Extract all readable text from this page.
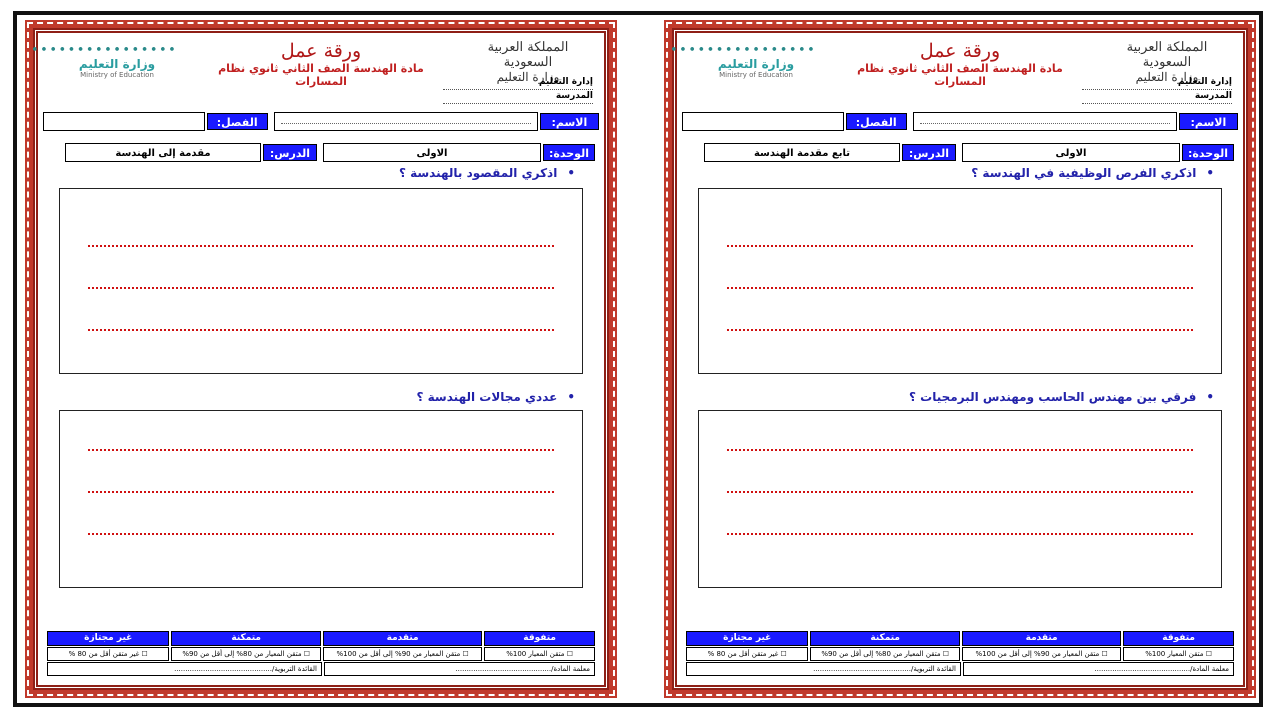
المملكة العربية السعودية
وزارة التعليم
إدارة التعليم
المدرسة
ورقة عمل
مادة الهندسة الصف الثاني ثانوي نظام
المسارات
∙∙∙∙∙∙∙∙∙∙∙∙∙∙∙∙
وزارة التعليم
Ministry of Education
الاسم:
الفصل:
الوحدة:
الاولى
الدرس:
تابع مقدمة الهندسة
•اذكري الفرص الوظيفية في الهندسة ؟
•فرقي بين مهندس الحاسب ومهندس البرمجيات ؟
متفوقة
متقدمة
متمكنة
غير مجتازة
☐ متقن المعيار 100%
☐ متقن المعيار من 90% إلى أقل من 100%
☐ متقن المعيار من 80% إلى أقل من 90%
☐ غير متقن أقل من 80 %
معلمة المادة/...........................................
القائدة التربوية/............................................
المملكة العربية السعودية
وزارة التعليم
إدارة التعليم
المدرسة
ورقة عمل
مادة الهندسة الصف الثاني ثانوي نظام
المسارات
∙∙∙∙∙∙∙∙∙∙∙∙∙∙∙∙
وزارة التعليم
Ministry of Education
الاسم:
الفصل:
الوحدة:
الاولى
الدرس:
مقدمة إلى الهندسة
•اذكري المقصود بالهندسة ؟
•عددي مجالات الهندسة ؟
متفوقة
متقدمة
متمكنة
غير مجتازة
☐ متقن المعيار 100%
☐ متقن المعيار من 90% إلى أقل من 100%
☐ متقن المعيار من 80% إلى أقل من 90%
☐ غير متقن أقل من 80 %
معلمة المادة/...........................................
القائدة التربوية/............................................
